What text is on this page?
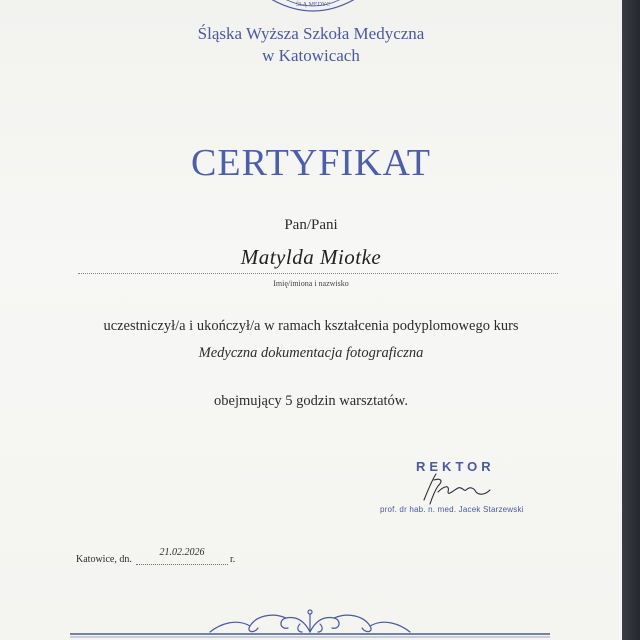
ŚLĄ MEDYC
Śląska Wyższa Szkoła Medyczna
w Katowicach
CERTYFIKAT
Pan/Pani
Matylda Miotke
Imię/imiona i nazwisko
uczestniczył/a i ukończył/a w ramach kształcenia podyplomowego kurs
Medyczna dokumentacja fotograficzna
obejmujący 5 godzin warsztatów.
REKTOR
prof. dr hab. n. med. Jacek Starzewski
Katowice, dn.
21.02.2026
r.
